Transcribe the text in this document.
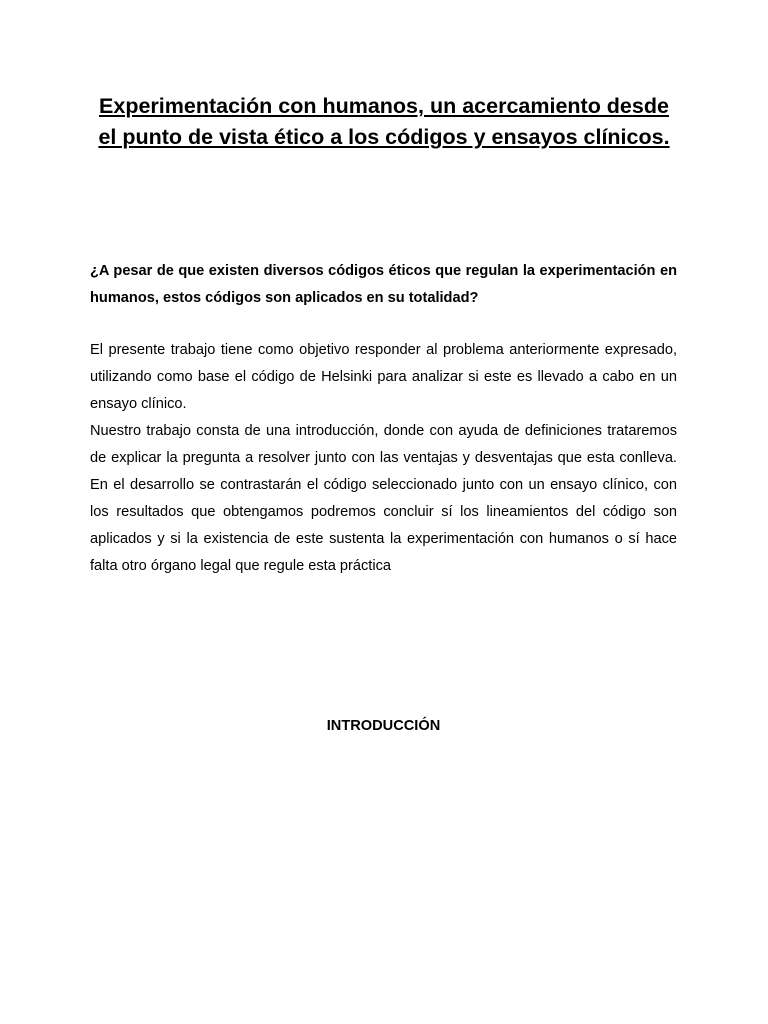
Experimentación con humanos, un acercamiento desde el punto de vista ético a los códigos y ensayos clínicos.

¿A pesar de que existen diversos códigos éticos que regulan la experimentación en humanos, estos códigos son aplicados en su totalidad?

El presente trabajo tiene como objetivo responder al problema anteriormente expresado, utilizando como base el código de Helsinki para analizar si este es llevado a cabo en un ensayo clínico.

Nuestro trabajo consta de una introducción, donde con ayuda de definiciones trataremos de explicar la pregunta a resolver junto con las ventajas y desventajas que esta conlleva. En el desarrollo se contrastarán el código seleccionado junto con un ensayo clínico, con los resultados que obtengamos podremos concluir sí los lineamientos del código son aplicados y si la existencia de este sustenta la experimentación con humanos o sí hace falta otro órgano legal que regule esta práctica

INTRODUCCIÓN
